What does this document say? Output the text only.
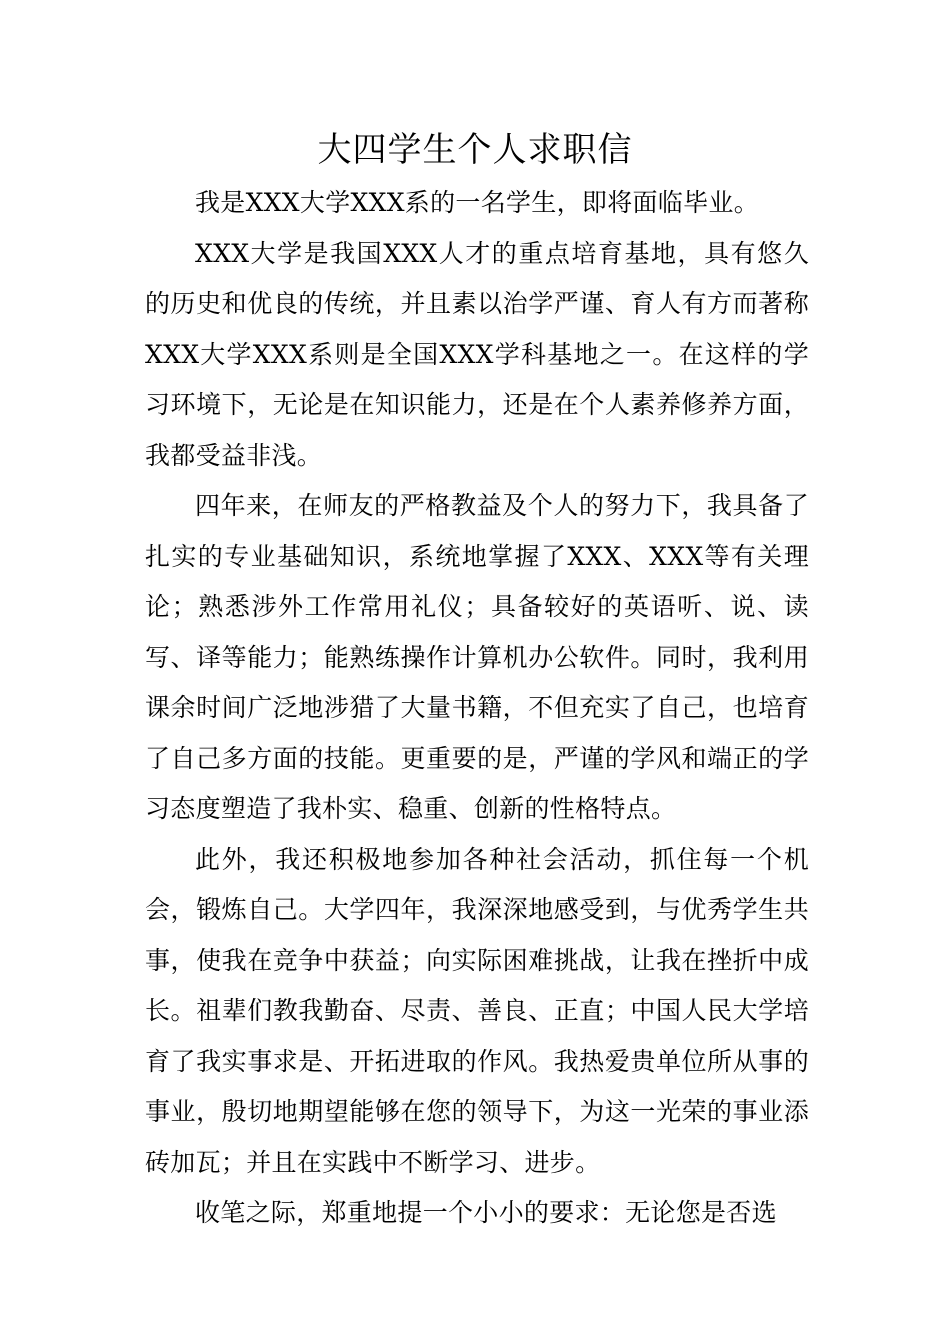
大四学生个人求职信

我是XXX大学XXX系的一名学生，即将面临毕业。

XXX大学是我国XXX人才的重点培育基地，具有悠久的历史和优良的传统，并且素以治学严谨、育人有方而著称XXX大学XXX系则是全国XXX学科基地之一。在这样的学习环境下，无论是在知识能力，还是在个人素养修养方面，我都受益非浅。

四年来，在师友的严格教益及个人的努力下，我具备了扎实的专业基础知识，系统地掌握了XXX、XXX等有关理论；熟悉涉外工作常用礼仪；具备较好的英语听、说、读写、译等能力；能熟练操作计算机办公软件。同时，我利用课余时间广泛地涉猎了大量书籍，不但充实了自己，也培育了自己多方面的技能。更重要的是，严谨的学风和端正的学习态度塑造了我朴实、稳重、创新的性格特点。

此外，我还积极地参加各种社会活动，抓住每一个机会，锻炼自己。大学四年，我深深地感受到，与优秀学生共事，使我在竞争中获益；向实际困难挑战，让我在挫折中成长。祖辈们教我勤奋、尽责、善良、正直；中国人民大学培育了我实事求是、开拓进取的作风。我热爱贵单位所从事的事业，殷切地期望能够在您的领导下，为这一光荣的事业添砖加瓦；并且在实践中不断学习、进步。

收笔之际，郑重地提一个小小的要求：无论您是否选
